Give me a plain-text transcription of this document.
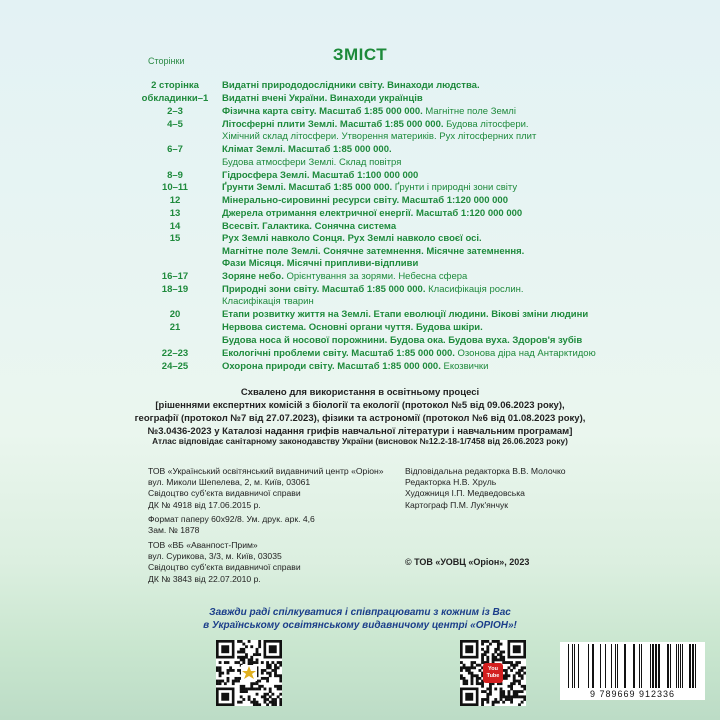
ЗМІСТ
Сторінки
2 сторінка	Видатні природодослідники світу. Винаходи людства.
обкладинки–1	Видатні вчені України. Винаходи українців
2–3	Фізична карта світу. Масштаб 1:85 000 000. Магнітне поле Землі
4–5	Літосферні плити Землі. Масштаб 1:85 000 000. Будова літосфери.
Хімічний склад літосфери. Утворення материків. Рух літосферних плит
6–7	Клімат Землі. Масштаб 1:85 000 000.
Будова атмосфери Землі. Склад повітря
8–9	Гідросфера Землі. Масштаб 1:100 000 000
10–11	Ґрунти Землі. Масштаб 1:85 000 000. Ґрунти і природні зони світу
12	Мінерально-сировинні ресурси світу. Масштаб 1:120 000 000
13	Джерела отримання електричної енергії. Масштаб 1:120 000 000
14	Всесвіт. Галактика. Сонячна система
15	Рух Землі навколо Сонця. Рух Землі навколо своєї осі.
Магнітне поле Землі. Сонячне затемнення. Місячне затемнення.
Фази Місяця. Місячні припливи-відпливи
16–17	Зоряне небо. Орієнтування за зорями. Небесна сфера
18–19	Природні зони світу. Масштаб 1:85 000 000. Класифікація рослин.
Класифікація тварин
20	Етапи розвитку життя на Землі. Етапи еволюції людини. Вікові зміни людини
21	Нервова система. Основні органи чуття. Будова шкіри.
Будова носа й носової порожнини. Будова ока. Будова вуха. Здоров'я зубів
22–23	Екологічні проблеми світу. Масштаб 1:85 000 000. Озонова діра над Антарктидою
24–25	Охорона природи світу. Масштаб 1:85 000 000. Екозвички
Схвалено для використання в освітньому процесі
[рішеннями експертних комісій з біології та екології (протокол №5 від 09.06.2023 року),
географії (протокол №7 від 27.07.2023), фізики та астрономії (протокол №6 від 01.08.2023 року),
№3.0436-2023 у Каталозі надання грифів навчальної літератури і навчальним програмам]
Атлас відповідає санітарному законодавству України (висновок №12.2-18-1/7458 від 26.06.2023 року)
ТОВ «Український освітянський видавничий центр «Оріон»
вул. Миколи Шепелева, 2, м. Київ, 03061
Свідоцтво суб'єкта видавничої справи
ДК № 4918 від 17.06.2015 р.
Формат паперу 60х92/8. Ум. друк. арк. 4,6
Зам. № 1878
ТОВ «ВБ «Аванпост-Прим»
вул. Сурикова, 3/3, м. Київ, 03035
Свідоцтво суб'єкта видавничої справи
ДК № 3843 від 22.07.2010 р.
Відповідальна редакторка В.В. Молочко
Редакторка Н.В. Хруль
Художниця І.П. Медведовська
Картограф П.М. Лук'янчук
© ТОВ «УОВЦ «Оріон», 2023
Завжди раді спілкуватися і співпрацювати з кожним із Вас
в Українському освітянському видавничому центрі «ОРІОН»!
You Tube
9 789669 912336
